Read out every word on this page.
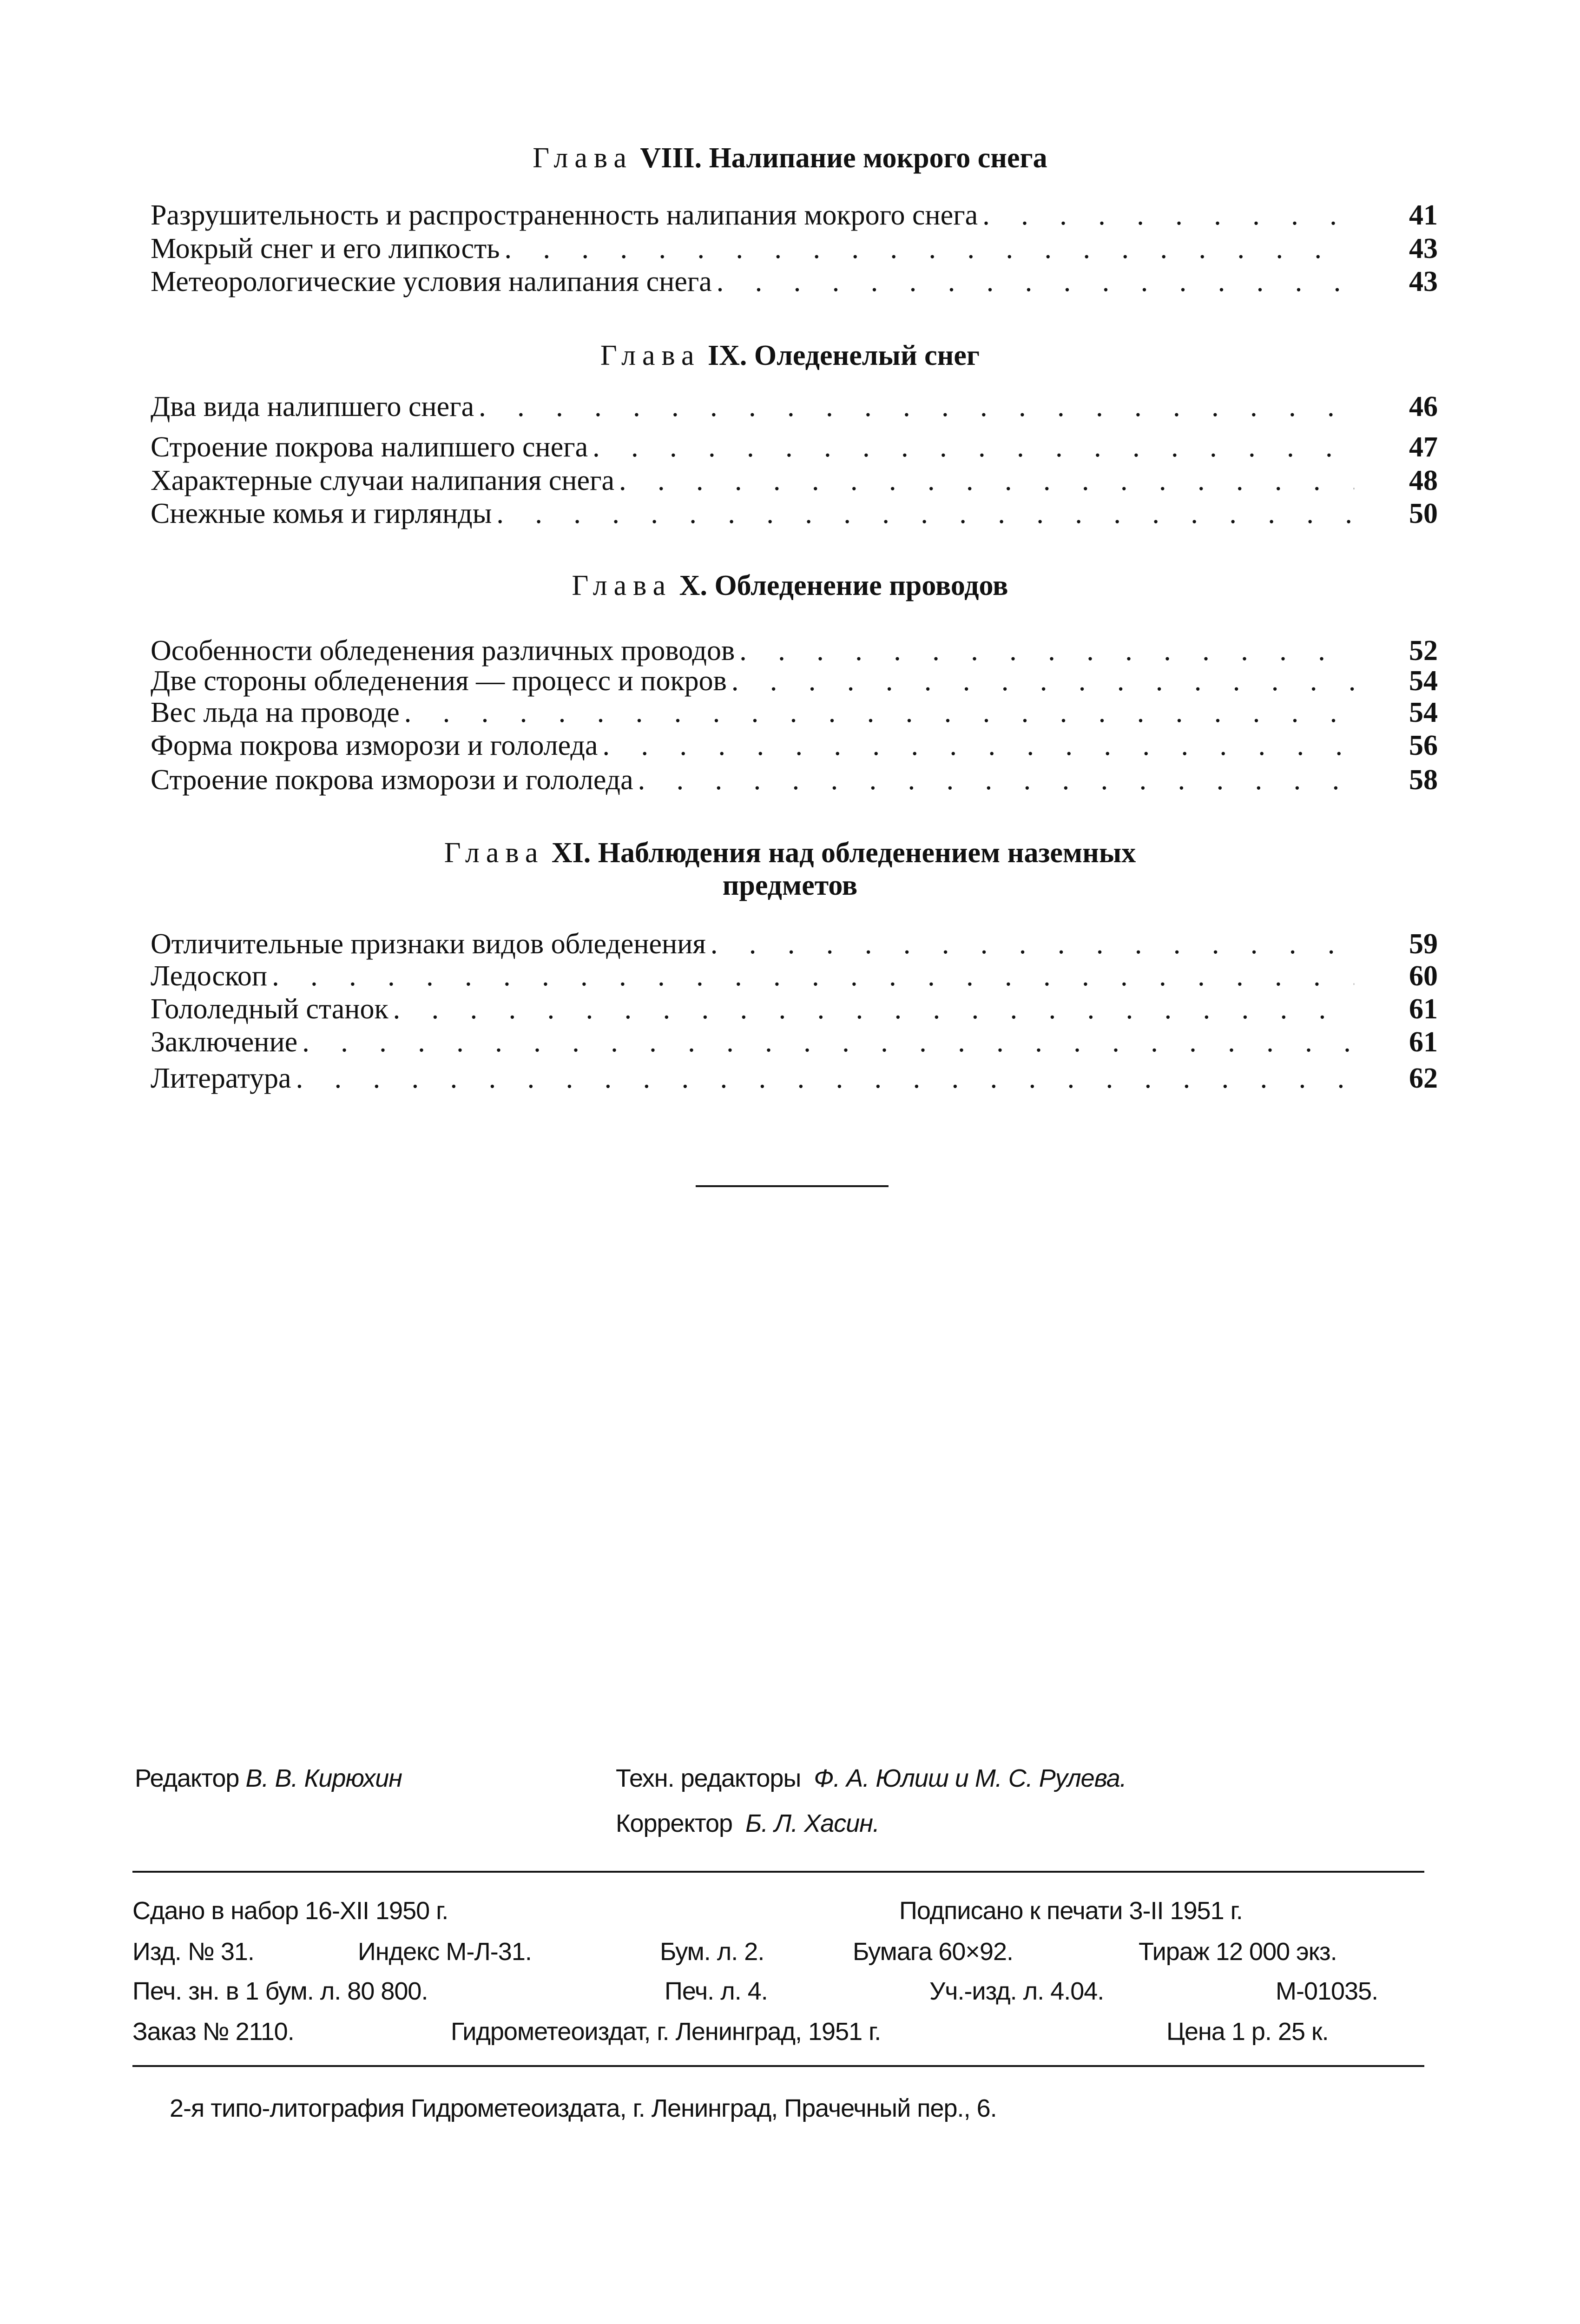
Глава VIII. Налипание мокрого снега
Разрушительность и распространенность налипания мокрого снега . . .	41
Мокрый снег и его липкость . . .	43
Метеорологические условия налипания снега . . .	43
Глава IX. Оледенелый снег
Два вида налипшего снега . . .	46
Строение покрова налипшего снега . . .	47
Характерные случаи налипания снега . . .	48
Снежные комья и гирлянды . . .	50
Глава X. Обледенение проводов
Особенности обледенения различных проводов . . .	52
Две стороны обледенения — процесс и покров . . .	54
Вес льда на проводе . . .	54
Форма покрова изморози и гололеда . . .	56
Строение покрова изморози и гололеда . . .	58
Глава XI. Наблюдения над обледенением наземных
предметов
Отличительные признаки видов обледенения . . .	59
Ледоскоп . . .	60
Гололедный станок . . .	61
Заключение . . .	61
Литература . . .	62
Редактор В. В. Кирюхин	Техн. редакторы Ф. А. Юлиш и М. С. Рулева.
Корректор Б. Л. Хасин.
Сдано в набор 16-XII 1950 г.	Подписано к печати 3-II 1951 г.
Изд. № 31.	Индекс М-Л-31.	Бум. л. 2.	Бумага 60×92.	Тираж 12 000 экз.
Печ. зн. в 1 бум. л. 80 800.	Печ. л. 4.	Уч.-изд. л. 4.04.	М-01035.
Заказ № 2110.	Гидрометеоиздат, г. Ленинград, 1951 г.	Цена 1 р. 25 к.
2-я типо-литография Гидрометеоиздата, г. Ленинград, Прачечный пер., 6.
